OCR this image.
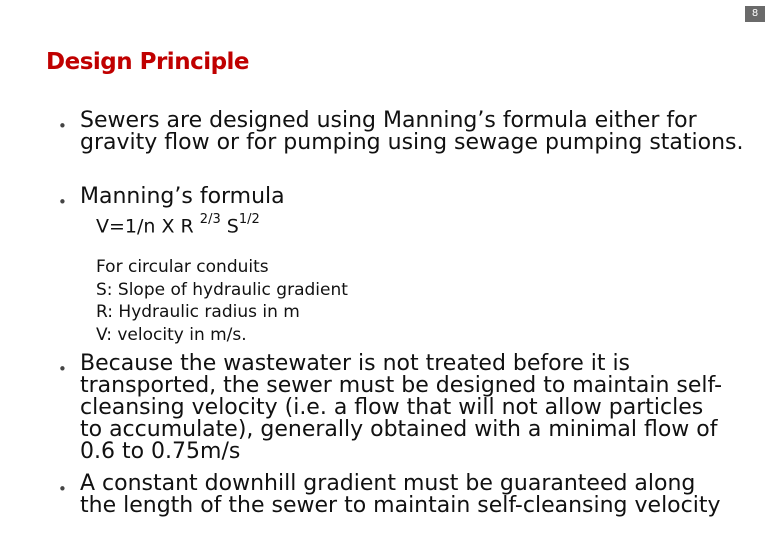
8
Design Principle
• Sewers are designed using Manning’s formula either for gravity flow or for pumping using sewage pumping stations.
• Manning’s formula
V=1/n X R $^{2/3}$ $S^{1/2}$
For circular conduits
S: Slope of hydraulic gradient
R: Hydraulic radius in m
V: velocity in m/s.
• Because the wastewater is not treated before it is transported, the sewer must be designed to maintain self-cleansing velocity (i.e. a flow that will not allow particles to accumulate), generally obtained with a minimal flow of 0.6 to 0.75m/s
• A constant downhill gradient must be guaranteed along the length of the sewer to maintain self-cleansing velocity
